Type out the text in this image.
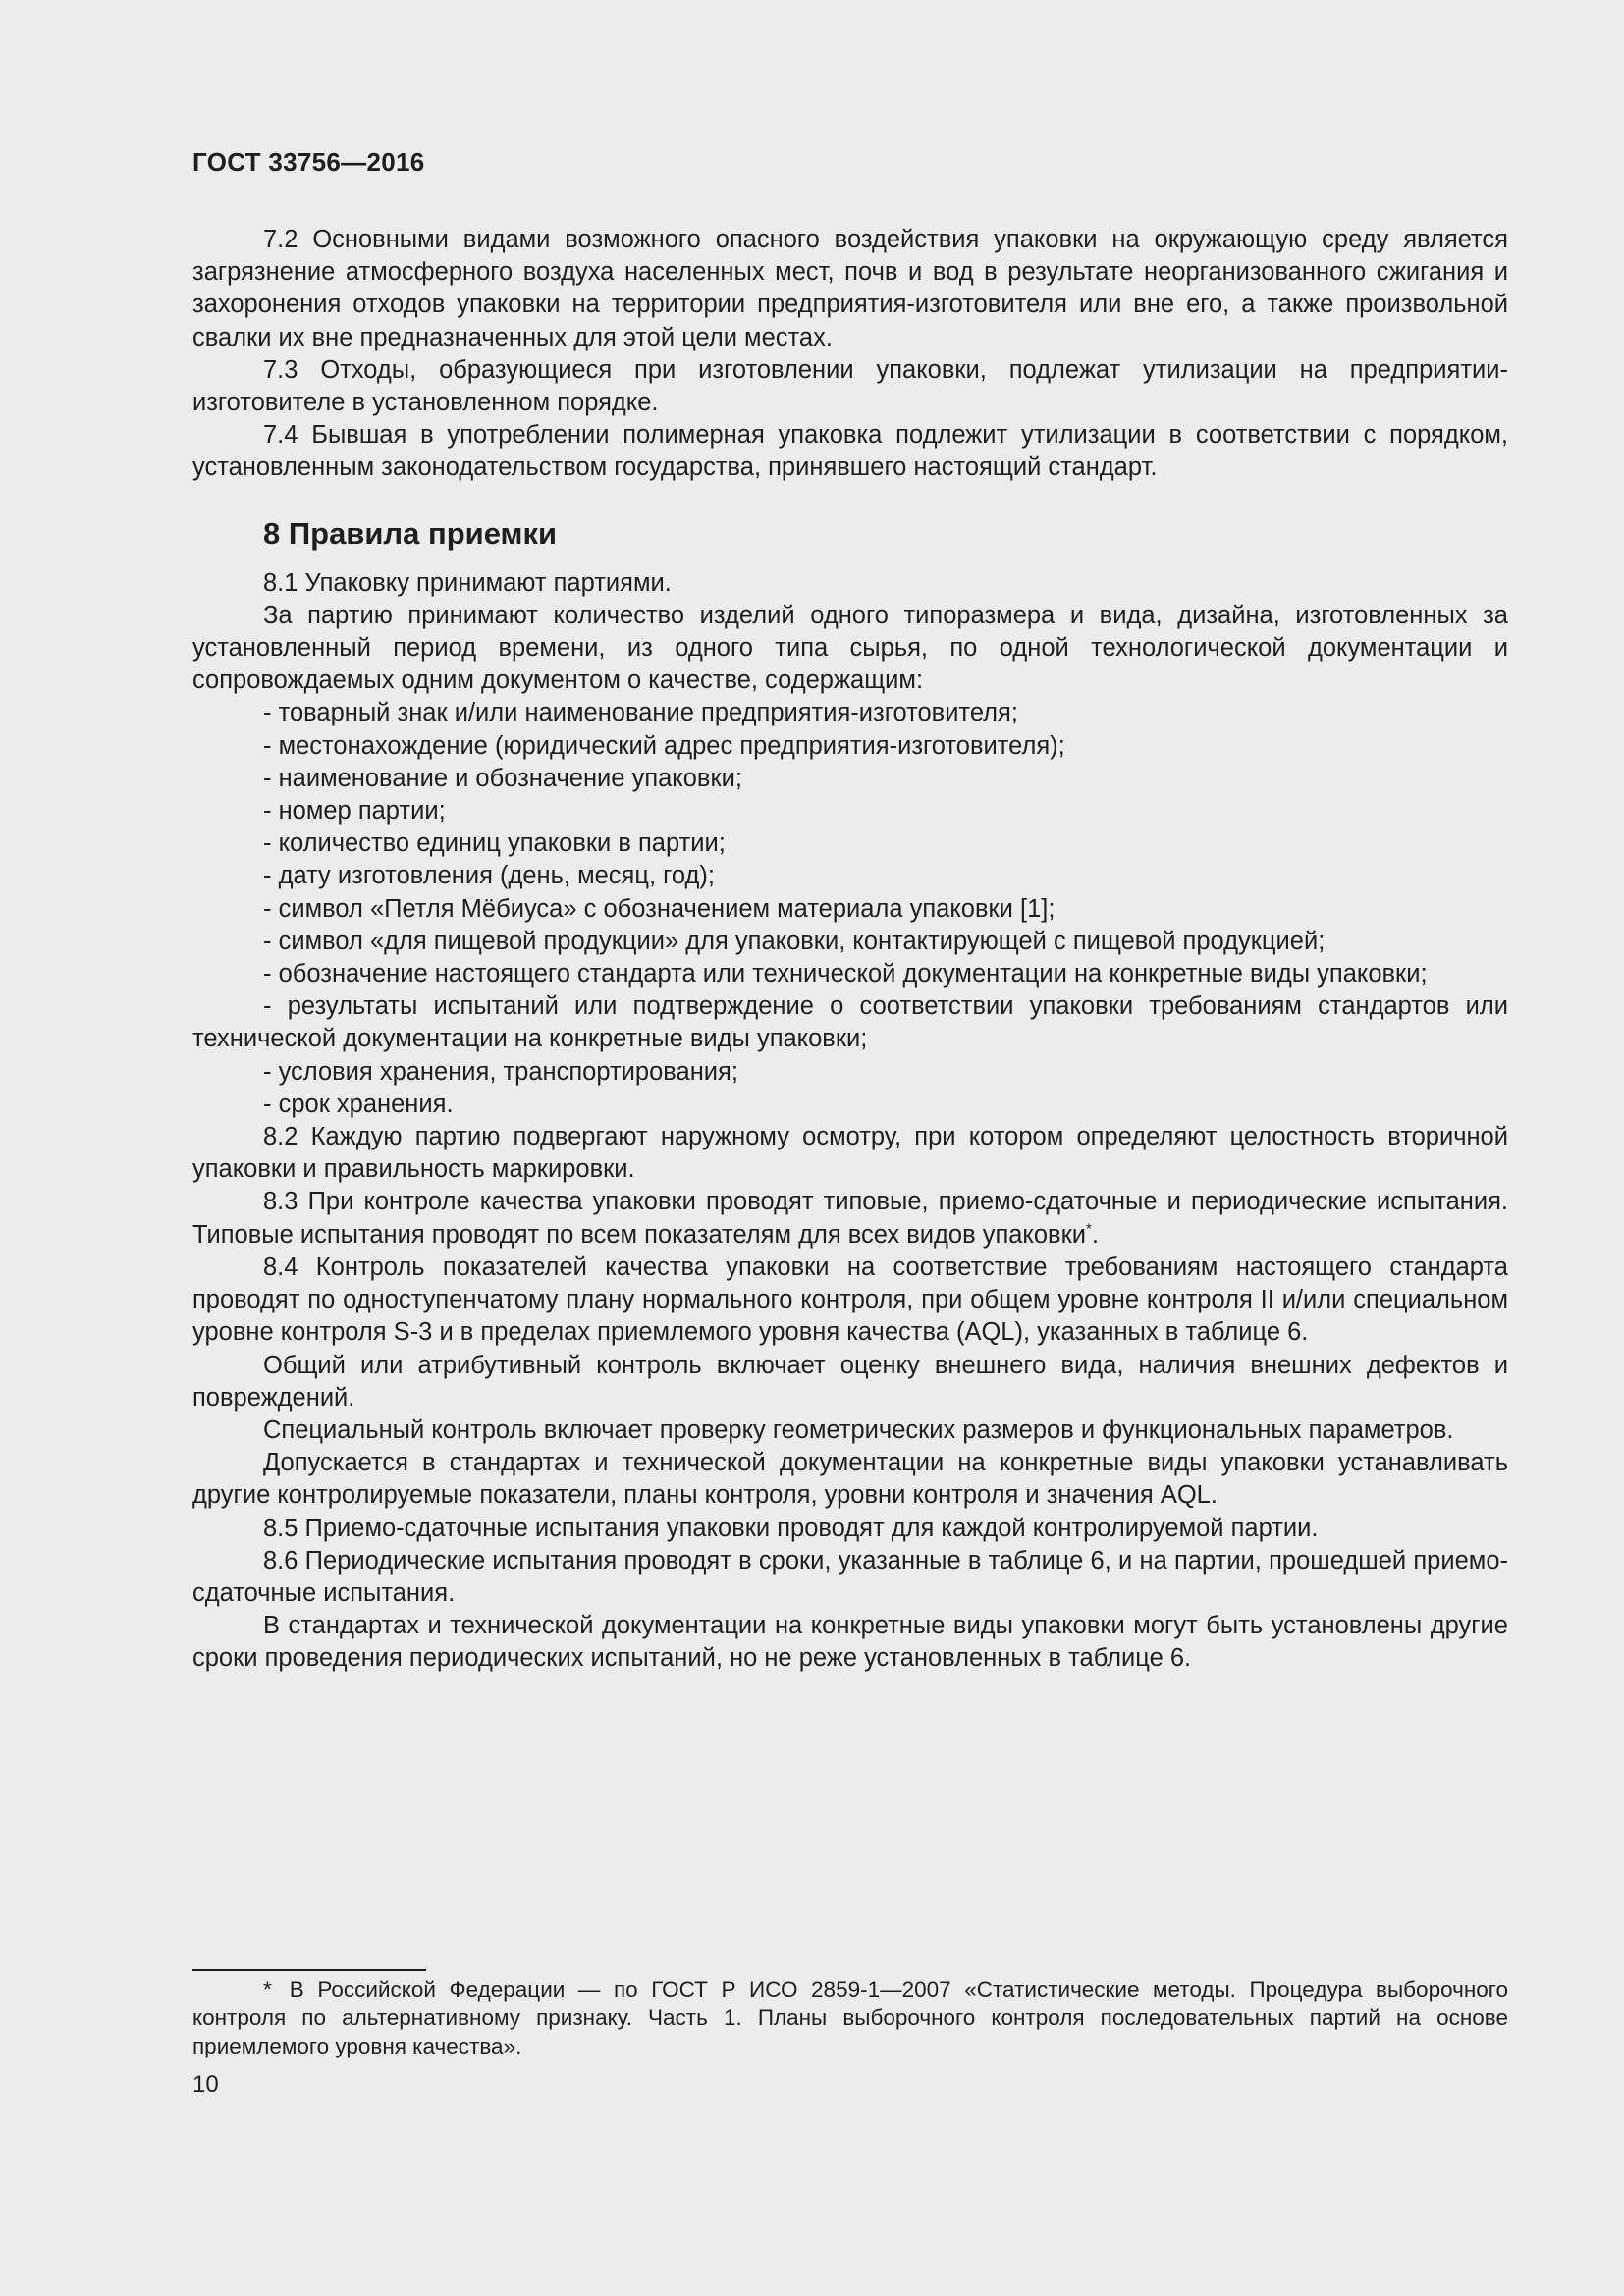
ГОСТ 33756—2016

7.2 Основными видами возможного опасного воздействия упаковки на окружающую среду является загрязнение атмосферного воздуха населенных мест, почв и вод в результате неорганизованного сжигания и захоронения отходов упаковки на территории предприятия-изготовителя или вне его, а также произвольной свалки их вне предназначенных для этой цели местах.

7.3 Отходы, образующиеся при изготовлении упаковки, подлежат утилизации на предприятии-изготовителе в установленном порядке.

7.4 Бывшая в употреблении полимерная упаковка подлежит утилизации в соответствии с порядком, установленным законодательством государства, принявшего настоящий стандарт.

8 Правила приемки

8.1 Упаковку принимают партиями.

За партию принимают количество изделий одного типоразмера и вида, дизайна, изготовленных за установленный период времени, из одного типа сырья, по одной технологической документации и сопровождаемых одним документом о качестве, содержащим:

- товарный знак и/или наименование предприятия-изготовителя;

- местонахождение (юридический адрес предприятия-изготовителя);

- наименование и обозначение упаковки;

- номер партии;

- количество единиц упаковки в партии;

- дату изготовления (день, месяц, год);

- символ «Петля Мёбиуса» с обозначением материала упаковки [1];

- символ «для пищевой продукции» для упаковки, контактирующей с пищевой продукцией;

- обозначение настоящего стандарта или технической документации на конкретные виды упаковки;

- результаты испытаний или подтверждение о соответствии упаковки требованиям стандартов или технической документации на конкретные виды упаковки;

- условия хранения, транспортирования;

- срок хранения.

8.2 Каждую партию подвергают наружному осмотру, при котором определяют целостность вторичной упаковки и правильность маркировки.

8.3 При контроле качества упаковки проводят типовые, приемо-сдаточные и периодические испытания. Типовые испытания проводят по всем показателям для всех видов упаковки*.

8.4 Контроль показателей качества упаковки на соответствие требованиям настоящего стандарта проводят по одноступенчатому плану нормального контроля, при общем уровне контроля II и/или специальном уровне контроля S-3 и в пределах приемлемого уровня качества (AQL), указанных в таблице 6.

Общий или атрибутивный контроль включает оценку внешнего вида, наличия внешних дефектов и повреждений.

Специальный контроль включает проверку геометрических размеров и функциональных параметров.

Допускается в стандартах и технической документации на конкретные виды упаковки устанавливать другие контролируемые показатели, планы контроля, уровни контроля и значения AQL.

8.5 Приемо-сдаточные испытания упаковки проводят для каждой контролируемой партии.

8.6 Периодические испытания проводят в сроки, указанные в таблице 6, и на партии, прошедшей приемо-сдаточные испытания.

В стандартах и технической документации на конкретные виды упаковки могут быть установлены другие сроки проведения периодических испытаний, но не реже установленных в таблице 6.

* В Российской Федерации — по ГОСТ Р ИСО 2859-1—2007 «Статистические методы. Процедура выборочного контроля по альтернативному признаку. Часть 1. Планы выборочного контроля последовательных партий на основе приемлемого уровня качества».
10
